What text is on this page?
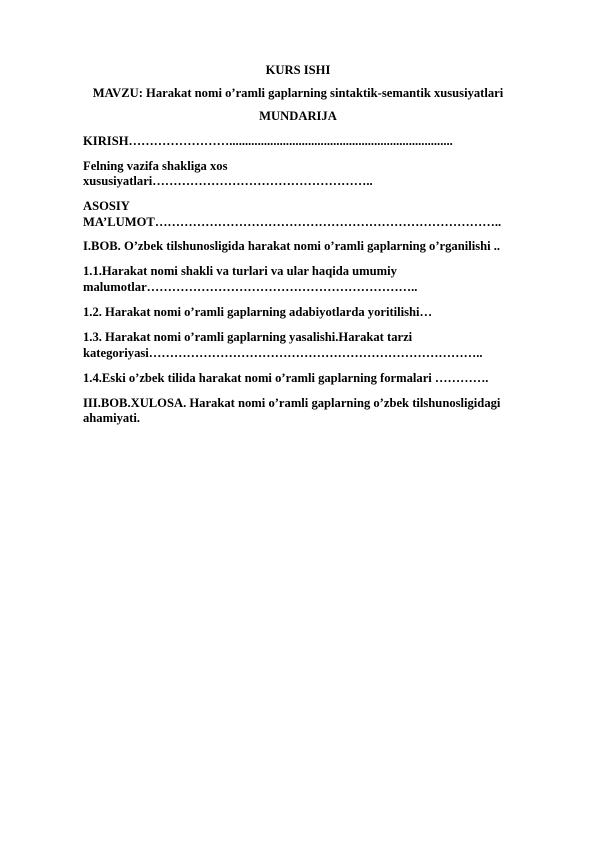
KURS ISHI
MAVZU: Harakat nomi o’ramli gaplarning sintaktik-semantik xususiyatlari
MUNDARIJA
KIRISH…………………….......................................................................
Felning vazifa shakliga xos
xususiyatlari……………………………………………..
ASOSIY
MA’LUMOT………………………………………………………………………..
I.BOB. O’zbek tilshunosligida harakat nomi o’ramli gaplarning o’rganilishi ..
1.1.Harakat nomi shakli va turlari va ular haqida umumiy
malumotlar………………………………………………………..
1.2. Harakat nomi o’ramli gaplarning adabiyotlarda yoritilishi…
1.3. Harakat nomi o’ramli gaplarning yasalishi.Harakat tarzi
kategoriyasi……………………………………………………………………..
1.4.Eski o’zbek tilida harakat nomi o’ramli gaplarning formalari ………….
III.BOB.XULOSA. Harakat nomi o’ramli gaplarning o’zbek tilshunosligidagi
ahamiyati.
